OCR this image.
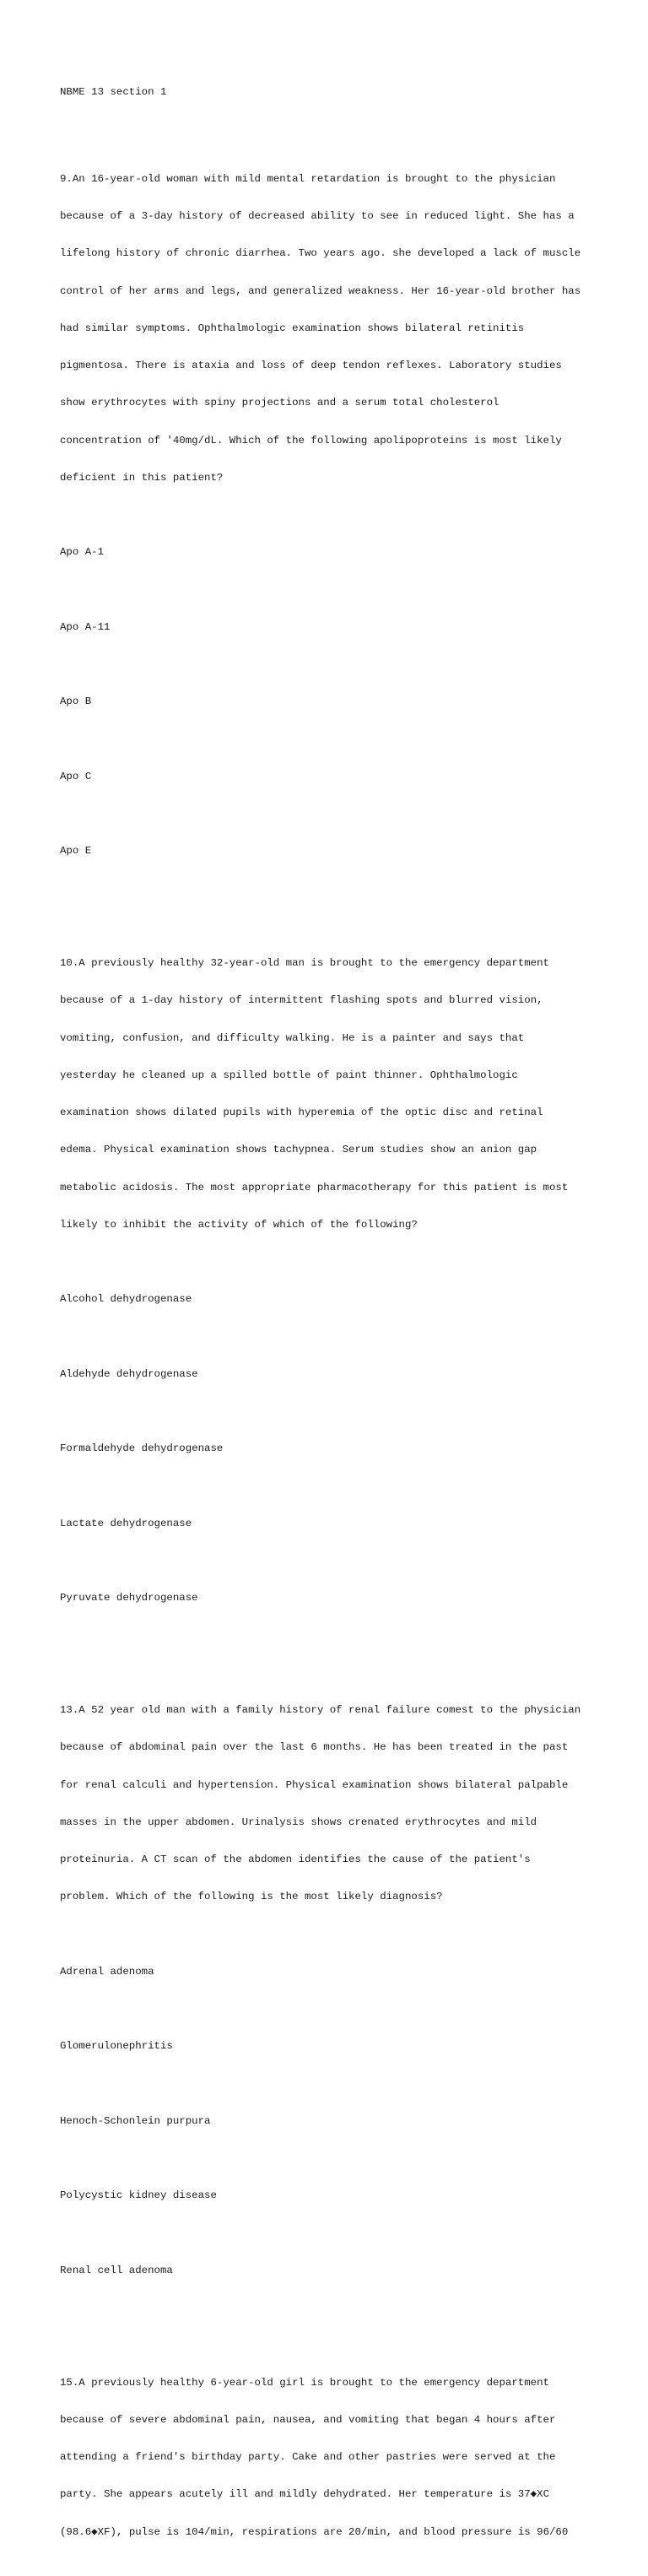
NBME 13 section 1

9.An 16-year-old woman with mild mental retardation is brought to the physician

because of a 3-day history of decreased ability to see in reduced light. She has a

lifelong history of chronic diarrhea. Two years ago. she developed a lack of muscle

control of her arms and legs, and generalized weakness. Her 16-year-old brother has

had similar symptoms. Ophthalmologic examination shows bilateral retinitis

pigmentosa. There is ataxia and loss of deep tendon reflexes. Laboratory studies

show erythrocytes with spiny projections and a serum total cholesterol

concentration of '40mg/dL. Which of the following apolipoproteins is most likely

deficient in this patient?

Apo A-1

Apo A-11

Apo B

Apo C

Apo E

10.A previously healthy 32-year-old man is brought to the emergency department

because of a 1-day history of intermittent flashing spots and blurred vision,

vomiting, confusion, and difficulty walking. He is a painter and says that

yesterday he cleaned up a spilled bottle of paint thinner. Ophthalmologic

examination shows dilated pupils with hyperemia of the optic disc and retinal

edema. Physical examination shows tachypnea. Serum studies show an anion gap

metabolic acidosis. The most appropriate pharmacotherapy for this patient is most

likely to inhibit the activity of which of the following?

Alcohol dehydrogenase

Aldehyde dehydrogenase

Formaldehyde dehydrogenase

Lactate dehydrogenase

Pyruvate dehydrogenase

13.A 52 year old man with a family history of renal failure comest to the physician

because of abdominal pain over the last 6 months. He has been treated in the past

for renal calculi and hypertension. Physical examination shows bilateral palpable

masses in the upper abdomen. Urinalysis shows crenated erythrocytes and mild

proteinuria. A CT scan of the abdomen identifies the cause of the patient's

problem. Which of the following is the most likely diagnosis?

Adrenal adenoma

Glomerulonephritis

Henoch-Schonlein purpura

Polycystic kidney disease

Renal cell adenoma

15.A previously healthy 6-year-old girl is brought to the emergency department

because of severe abdominal pain, nausea, and vomiting that began 4 hours after

attending a friend's birthday party. Cake and other pastries were served at the

party. She appears acutely ill and mildly dehydrated. Her temperature is 37◆XC

(98.6◆XF), pulse is 104/min, respirations are 20/min, and blood pressure is 96/60
